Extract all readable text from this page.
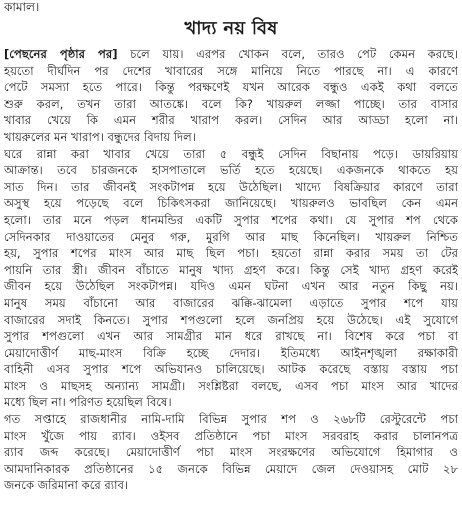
কামাল।
খাদ্য নয় বিষ
[পেছনের পৃষ্ঠার পর] চলে যায়। এরপর খোকন বলে, তারও পেট কেমন করছে।
হয়তো দীর্ঘদিন পর দেশের খাবারের সঙ্গে মানিয়ে নিতে পারছে না। এ কারণে
পেটে সমস্যা হতে পারে। কিন্তু পরক্ষণেই যখন আরেক বন্ধুও একই কথা বলতে
শুরু করল, তখন তারা আতঙ্কে। বলে কি? খায়রুল লজ্জা পাচ্ছে। তার বাসার
খাবার খেয়ে কি এমন শরীর খারাপ করল। সেদিন আর আড্ডা হলো না।
খায়রুলের মন খারাপ। বন্ধুদের বিদায় দিল।
ঘরে রান্না করা খাবার খেয়ে তারা ৫ বন্ধুই সেদিন বিছানায় পড়ে। ডায়রিয়ায়
আক্রান্ত। তবে চারজনকে হাসপাতালে ভর্তি হতে হয়েছে। একজনকে থাকতে হয়
সাত দিন। তার জীবনই সংকটাপন্ন হয়ে উঠেছিল। খাদ্যে বিষক্রিয়ার কারণে তারা
অসুস্থ হয়ে পড়েছে বলে চিকিৎসকরা জানিয়েছে। খায়রুলও ভাবছিল কেন এমন
হলো। তার মনে পড়ল ধানমন্ডির একটি সুপার শপের কথা। যে সুপার শপ থেকে
সেদিনকার দাওয়াতের মেনুর গরু, মুরগি আর মাছ কিনেছিল। খায়রুল নিশ্চিত
হয়, সুপার শপের মাংস আর মাছ ছিল পচা। হয়তো রান্না করার সময় তা টের
পায়নি তার স্ত্রী। জীবন বাঁচাতে মানুষ খাদ্য গ্রহণ করে। কিন্তু সেই খাদ্য গ্রহণ করেই
জীবন হয়ে উঠেছিল সংকটাপন্ন। যদিও এমন ঘটনা এখন আর নতুন কিছু নয়।
মানুষ সময় বাঁচানো আর বাজারের ঝক্কি-ঝামেলা এড়াতে সুপার শপে যায়
বাজারের সদাই কিনতে। সুপার শপগুলো হলে জনপ্রিয় হয়ে উঠেছে। এই সুযোগে
সুপার শপগুলো এখন আর সামগ্রীর মান ধরে রাখছে না। বিশেষ করে পচা বা
মেয়াদোত্তীর্ণ মাছ-মাংস বিক্রি হচ্ছে দেদার। ইতিমধ্যে আইনশৃঙ্খলা রক্ষাকারী
বাহিনী এসব সুপার শপে অভিযানও চালিয়েছে। আটক করেছে বস্তায় বস্তায় পচা
মাংস ও মাছসহ অন্যান্য সামগ্রী। সংশ্লিষ্টরা বলছে, এসব পচা মাংস আর খাদের
মধ্যে ছিল না। পরিণত হয়েছিল বিষে।
গত সপ্তাহে রাজধানীর নামি-দামি বিভিন্ন সুপার শপ ও ২৬৮টি রেস্টুরেন্টে পচা
মাংস খুঁজে পায় র‍্যাব। ওইসব প্রতিষ্ঠানে পচা মাংস সরবরাহ করার চালানপত্র
র‍্যাব জব্দ করেছে। মেয়াদোত্তীর্ণ পচা মাংস সংরক্ষণের অভিযোগে হিমাগার ও
আমদানিকারক প্রতিষ্ঠানের ১৫ জনকে বিভিন্ন মেয়াদে জেল দেওয়াসহ মোট ২৮
জনকে জরিমানা করে র‍্যাব।
